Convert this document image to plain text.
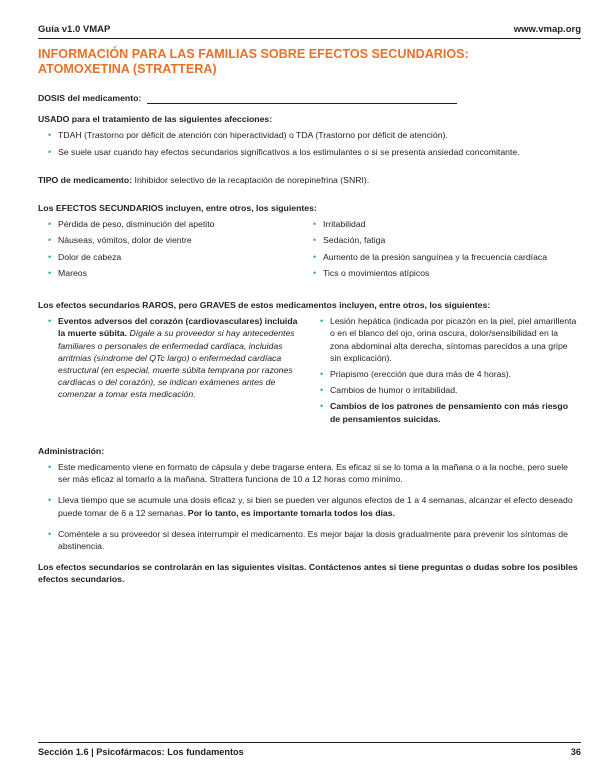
Guía v1.0 VMAP	www.vmap.org
INFORMACIÓN PARA LAS FAMILIAS SOBRE EFECTOS SECUNDARIOS:
ATOMOXETINA (STRATTERA)
DOSIS del medicamento:
USADO para el tratamiento de las siguientes afecciones:
• TDAH (Trastorno por déficit de atención con hiperactividad) o TDA (Trastorno por déficit de atención).
• Se suele usar cuando hay efectos secundarios significativos a los estimulantes o si se presenta ansiedad concomitante.
TIPO de medicamento: Inhibidor selectivo de la recaptación de norepinefrina (SNRI).
Los EFECTOS SECUNDARIOS incluyen, entre otros, los siguientes:
• Pérdida de peso, disminución del apetito
• Náuseas, vómitos, dolor de vientre
• Dolor de cabeza
• Mareos
• Irritabilidad
• Sedación, fatiga
• Aumento de la presión sanguínea y la frecuencia cardíaca
• Tics o movimientos atípicos
Los efectos secundarios RAROS, pero GRAVES de estos medicamentos incluyen, entre otros, los siguientes:
• Eventos adversos del corazón (cardiovasculares) incluida la muerte súbita. Dígale a su proveedor si hay antecedentes familiares o personales de enfermedad cardíaca, incluidas arritmias (síndrome del QTc largo) o enfermedad cardíaca estructural (en especial, muerte súbita temprana por razones cardíacas o del corazón), se indican exámenes antes de comenzar a tomar esta medicación.
• Lesión hepática (indicada por picazón en la piel, piel amarillenta o en el blanco del ojo, orina oscura, dolor/sensibilidad en la zona abdominal alta derecha, síntomas parecidos a una gripe sin explicación).
• Priapismo (erección que dura más de 4 horas).
• Cambios de humor o irritabilidad.
• Cambios de los patrones de pensamiento con más riesgo de pensamientos suicidas.
Administración:
• Este medicamento viene en formato de cápsula y debe tragarse entera. Es eficaz si se lo toma a la mañana o a la noche, pero suele ser más eficaz al tomarlo a la mañana. Strattera funciona de 10 a 12 horas como mínimo.
• Lleva tiempo que se acumule una dosis eficaz y, si bien se pueden ver algunos efectos de 1 a 4 semanas, alcanzar el efecto deseado puede tomar de 6 a 12 semanas. Por lo tanto, es importante tomarla todos los días.
• Coméntele a su proveedor si desea interrumpir el medicamento. Es mejor bajar la dosis gradualmente para prevenir los síntomas de abstinencia.
Los efectos secundarios se controlarán en las siguientes visitas. Contáctenos antes si tiene preguntas o dudas sobre los posibles efectos secundarios.
Sección 1.6 | Psicofármacos: Los fundamentos	36
